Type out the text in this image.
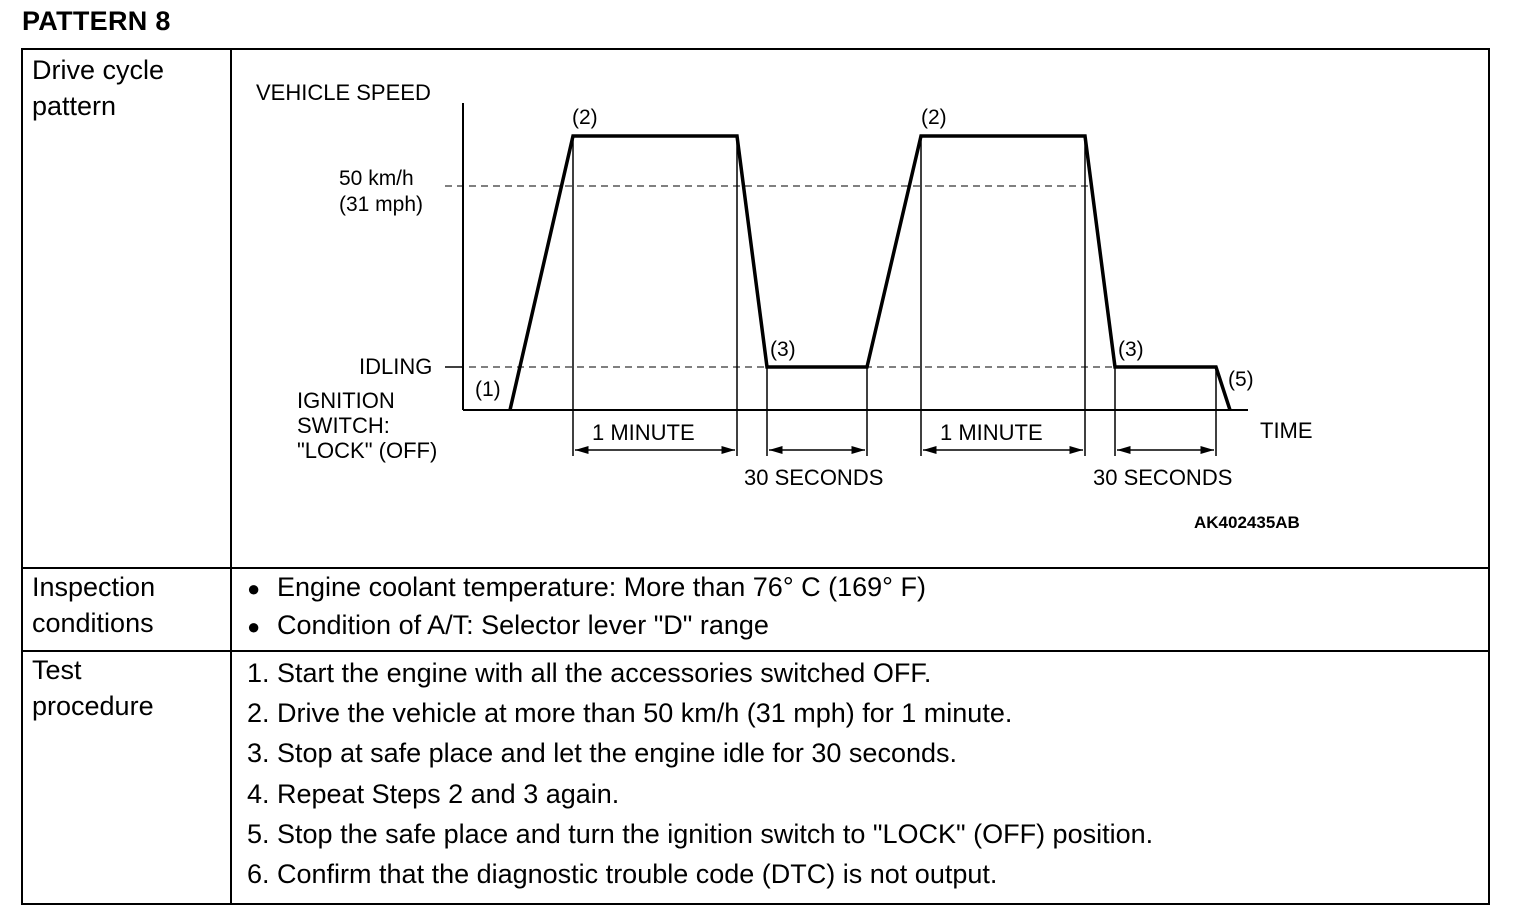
PATTERN 8
Drive cycle
pattern
Inspection
conditions
Test
procedure
● Engine coolant temperature: More than 76° C (169° F)
● Condition of A/T: Selector lever "D" range
1. Start the engine with all the accessories switched OFF.
2. Drive the vehicle at more than 50 km/h (31 mph) for 1 minute.
3. Stop at safe place and let the engine idle for 30 seconds.
4. Repeat Steps 2 and 3 again.
5. Stop the safe place and turn the ignition switch to "LOCK" (OFF) position.
6. Confirm that the diagnostic trouble code (DTC) is not output.
VEHICLE SPEED
TIME
50 km/h
(31 mph)
IDLING
IGNITION
SWITCH:
"LOCK" (OFF)
(1)
(2)
(3)
(2)
(3)
(5)
1 MINUTE
30 SECONDS
1 MINUTE
30 SECONDS
AK402435AB
